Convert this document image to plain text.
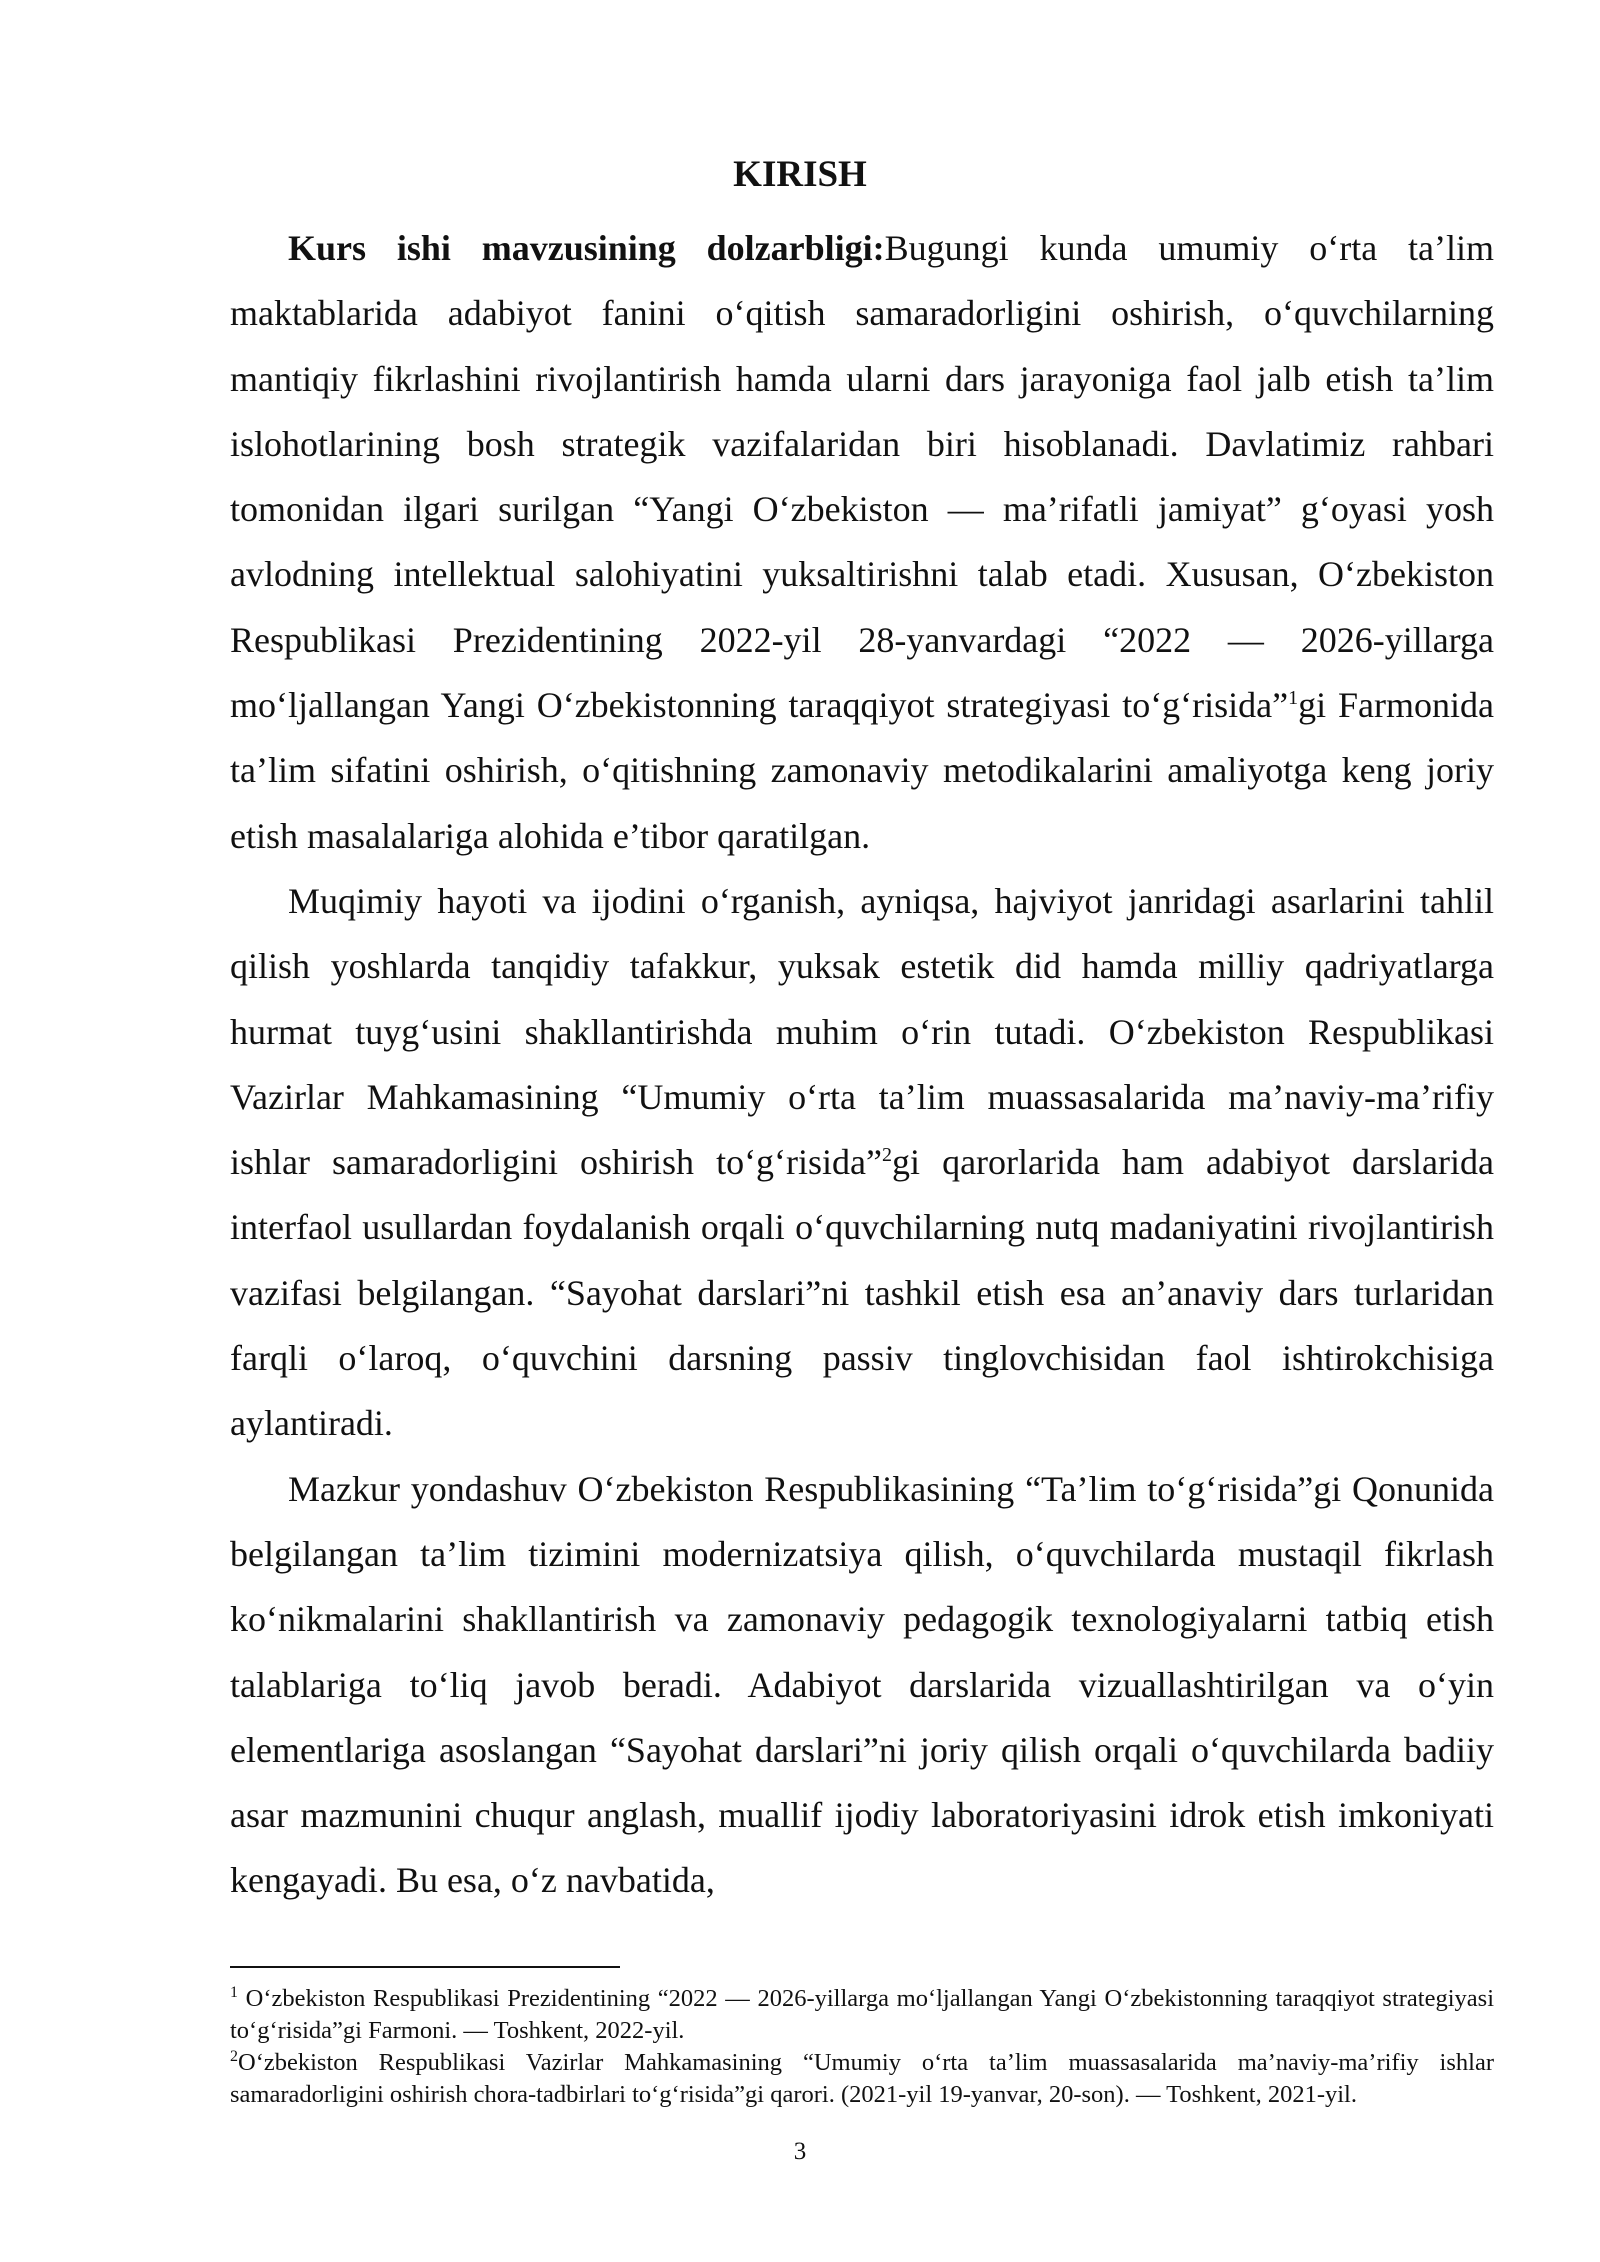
KIRISH

Kurs ishi mavzusining dolzarbligi:Bugungi kunda umumiy o‘rta ta’lim maktablarida adabiyot fanini o‘qitish samaradorligini oshirish, o‘quvchilarning mantiqiy fikrlashini rivojlantirish hamda ularni dars jarayoniga faol jalb etish ta’lim islohotlarining bosh strategik vazifalaridan biri hisoblanadi. Davlatimiz rahbari tomonidan ilgari surilgan “Yangi O‘zbekiston — ma’rifatli jamiyat” g‘oyasi yosh avlodning intellektual salohiyatini yuksaltirishni talab etadi. Xususan, O‘zbekiston Respublikasi Prezidentining 2022-yil 28-yanvardagi “2022 — 2026-yillarga mo‘ljallangan Yangi O‘zbekistonning taraqqiyot strategiyasi to‘g‘risida”$^1$gi Farmonida ta’lim sifatini oshirish, o‘qitishning zamonaviy metodikalarini amaliyotga keng joriy etish masalalariga alohida e’tibor qaratilgan.

Muqimiy hayoti va ijodini o‘rganish, ayniqsa, hajviyot janridagi asarlarini tahlil qilish yoshlarda tanqidiy tafakkur, yuksak estetik did hamda milliy qadriyatlarga hurmat tuyg‘usini shakllantirishda muhim o‘rin tutadi. O‘zbekiston Respublikasi Vazirlar Mahkamasining “Umumiy o‘rta ta’lim muassasalarida ma’naviy-ma’rifiy ishlar samaradorligini oshirish to‘g‘risida”$^2$gi qarorlarida ham adabiyot darslarida interfaol usullardan foydalanish orqali o‘quvchilarning nutq madaniyatini rivojlantirish vazifasi belgilangan. “Sayohat darslari”ni tashkil etish esa an’anaviy dars turlaridan farqli o‘laroq, o‘quvchini darsning passiv tinglovchisidan faol ishtirokchisiga aylantiradi.

Mazkur yondashuv O‘zbekiston Respublikasining “Ta’lim to‘g‘risida”gi Qonunida belgilangan ta’lim tizimini modernizatsiya qilish, o‘quvchilarda mustaqil fikrlash ko‘nikmalarini shakllantirish va zamonaviy pedagogik texnologiyalarni tatbiq etish talablariga to‘liq javob beradi. Adabiyot darslarida vizuallashtirilgan va o‘yin elementlariga asoslangan “Sayohat darslari”ni joriy qilish orqali o‘quvchilarda badiiy asar mazmunini chuqur anglash, muallif ijodiy laboratoriyasini idrok etish imkoniyati kengayadi. Bu esa, o‘z navbatida,

$^1$ O‘zbekiston Respublikasi Prezidentining “2022 — 2026-yillarga mo‘ljallangan Yangi O‘zbekistonning taraqqiyot strategiyasi to‘g‘risida”gi Farmoni. — Toshkent, 2022-yil.

$^2$O‘zbekiston Respublikasi Vazirlar Mahkamasining “Umumiy o‘rta ta’lim muassasalarida ma’naviy-ma’rifiy ishlar samaradorligini oshirish chora-tadbirlari to‘g‘risida”gi qarori. (2021-yil 19-yanvar, 20-son). — Toshkent, 2021-yil.

3
